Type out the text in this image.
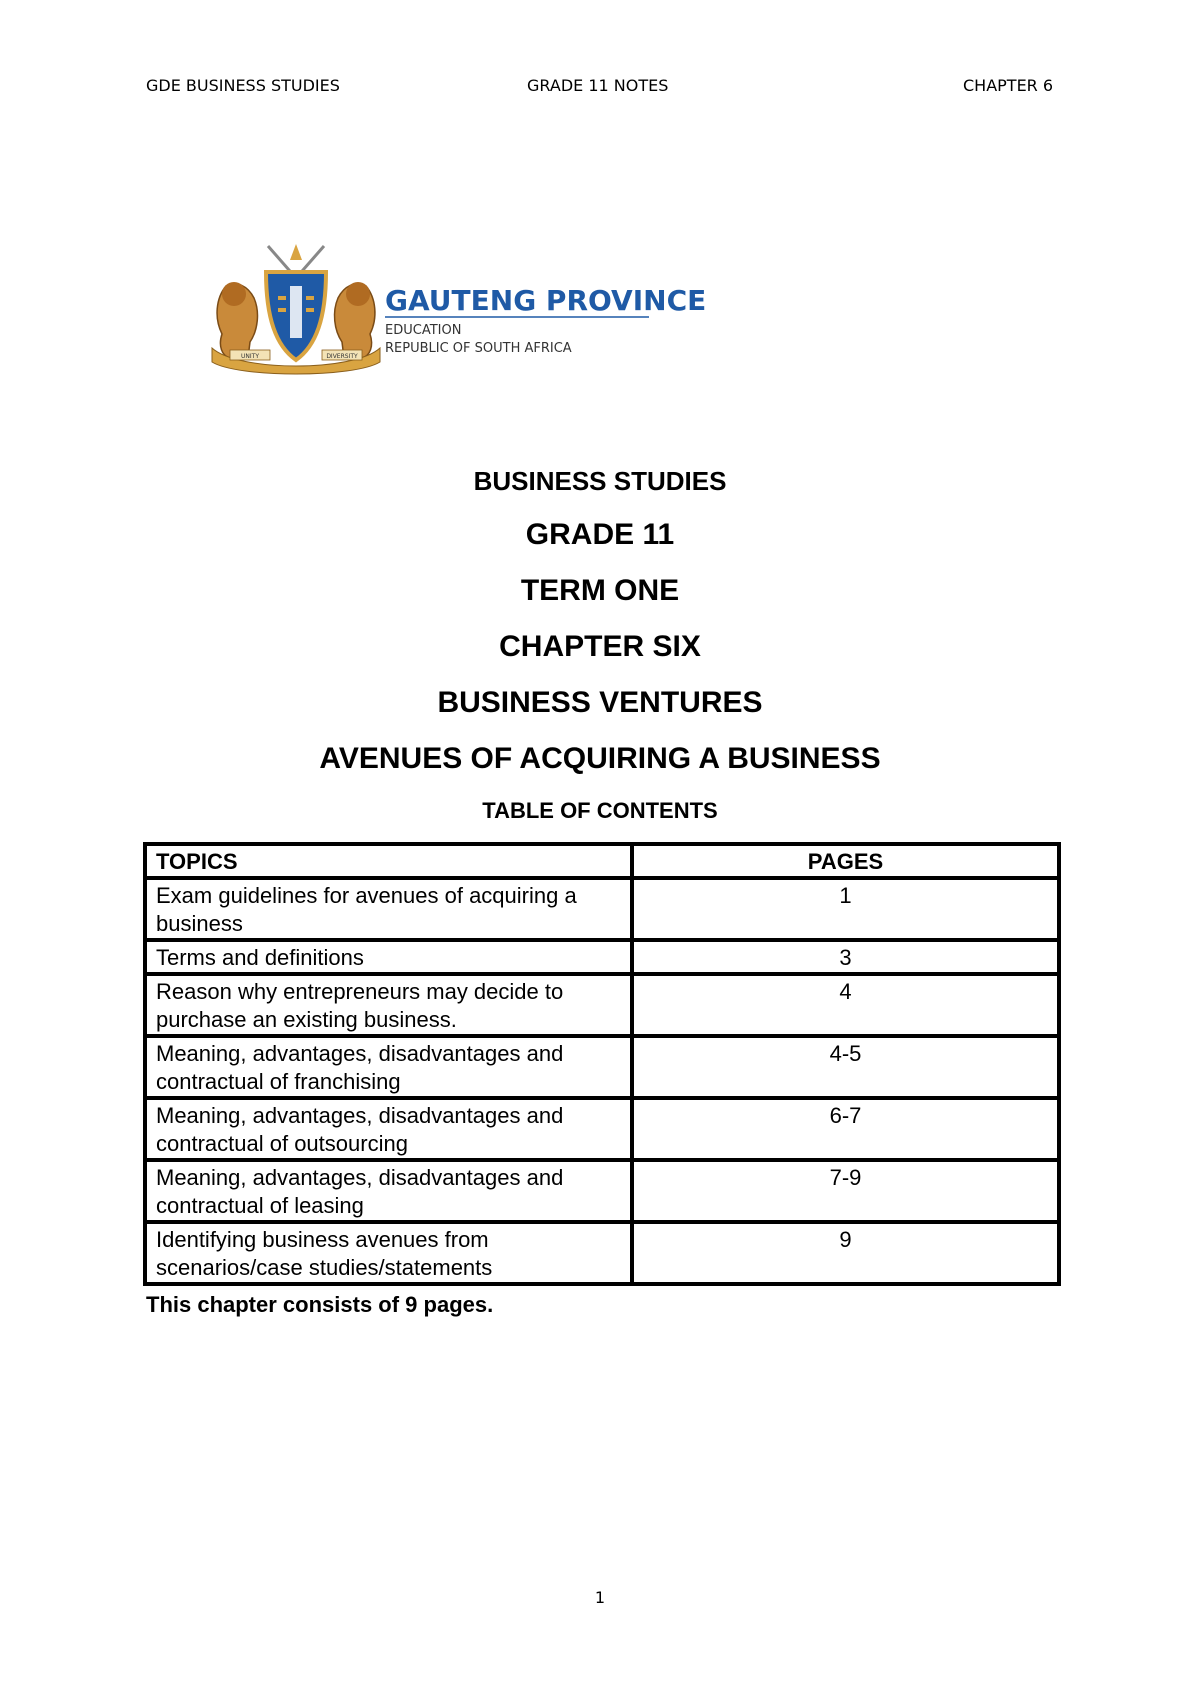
GDE BUSINESS STUDIES	GRADE 11 NOTES	CHAPTER 6
UNITY	DIVERSITY
GAUTENG PROVINCE
EDUCATION
REPUBLIC OF SOUTH AFRICA
BUSINESS STUDIES
GRADE 11
TERM ONE
CHAPTER SIX
BUSINESS VENTURES
AVENUES OF ACQUIRING A BUSINESS
TABLE OF CONTENTS
TOPICS	PAGES
Exam guidelines for avenues of acquiring a business	1
Terms and definitions	3
Reason why entrepreneurs may decide to purchase an existing business.	4
Meaning, advantages, disadvantages and contractual of franchising	4-5
Meaning, advantages, disadvantages and contractual of outsourcing	6-7
Meaning, advantages, disadvantages and contractual of leasing	7-9
Identifying business avenues from scenarios/case studies/statements	9
This chapter consists of 9 pages.
1
